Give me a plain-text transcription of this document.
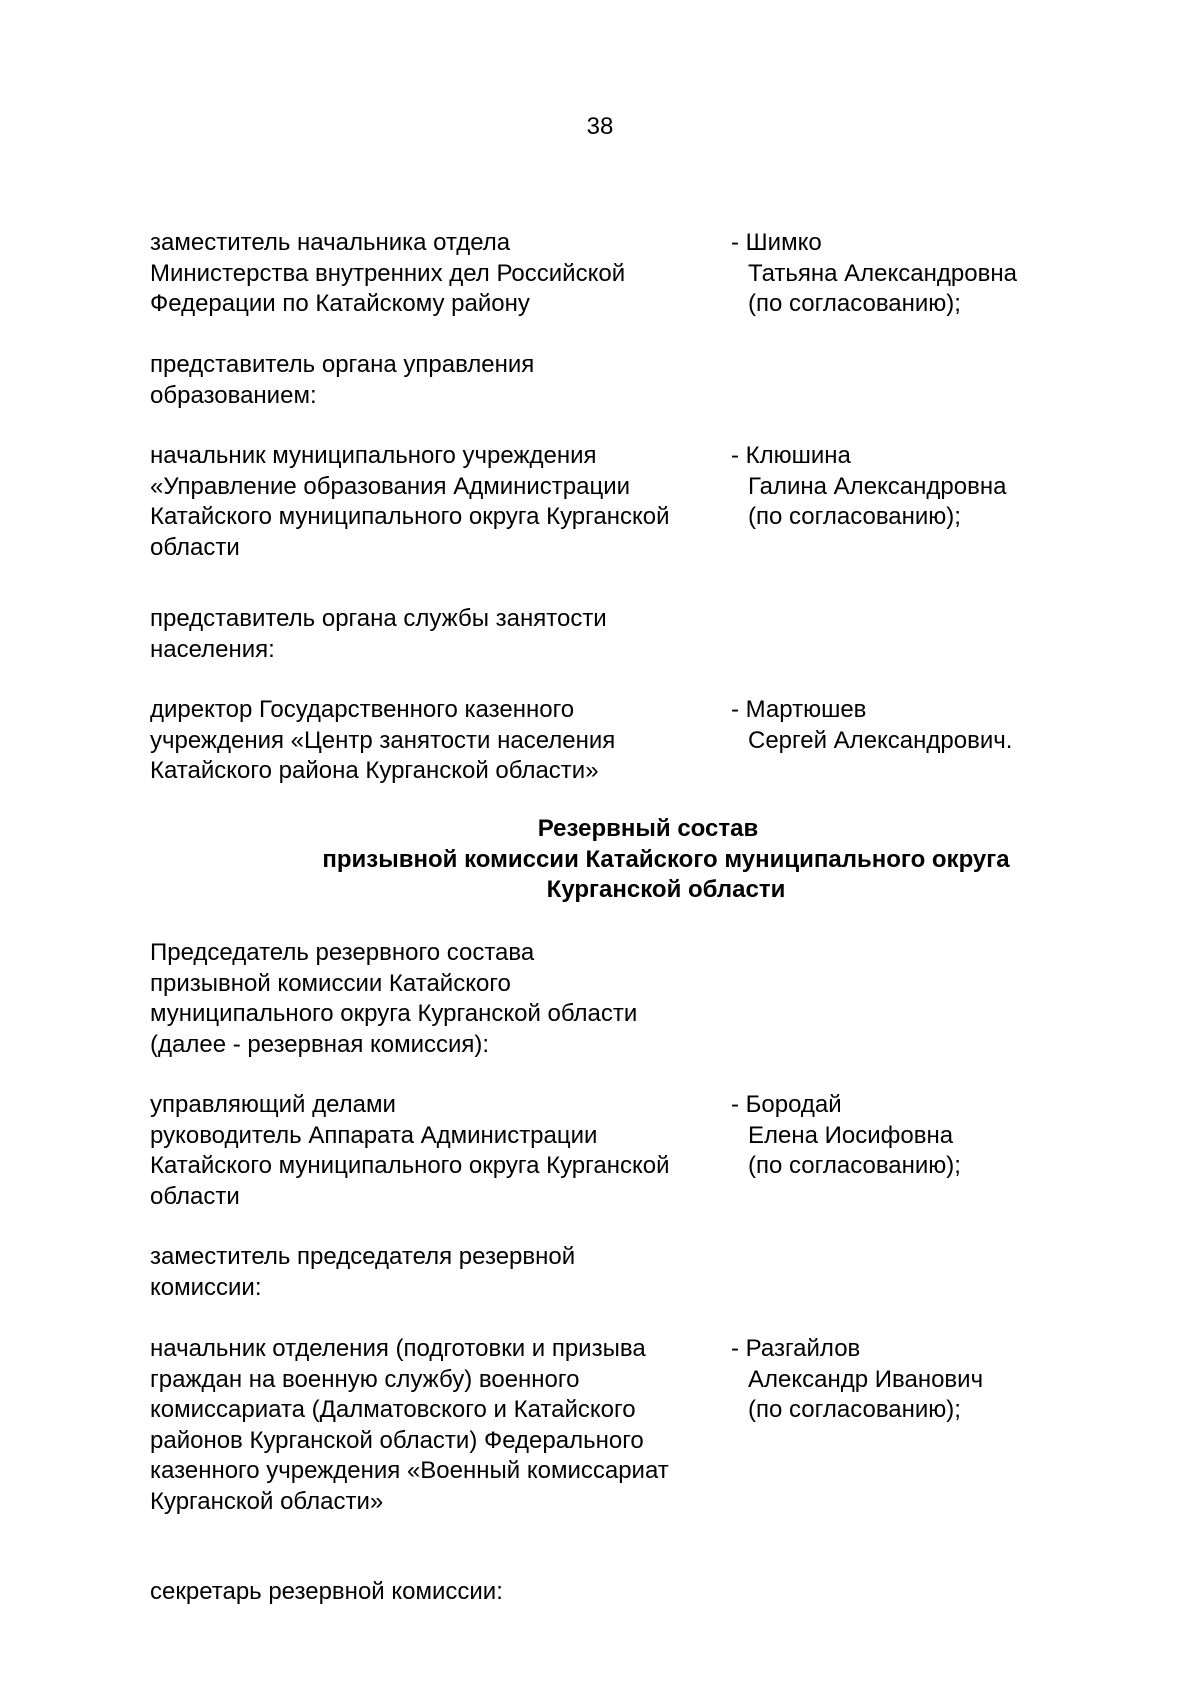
38
заместитель начальника отдела
Министерства внутренних дел Российской
Федерации по Катайскому району
- Шимко
Татьяна Александровна
(по согласованию);
представитель органа управления
образованием:
начальник муниципального учреждения
«Управление образования Администрации
Катайского муниципального округа Курганской
области
- Клюшина
Галина Александровна
(по согласованию);
представитель органа службы занятости
населения:
директор Государственного казенного
учреждения «Центр занятости населения
Катайского района Курганской области»
- Мартюшев
Сергей Александрович.
Резервный состав
призывной комиссии Катайского муниципального округа
Курганской области
Председатель резервного состава
призывной комиссии Катайского
муниципального округа Курганской области
(далее - резервная комиссия):
управляющий делами
руководитель Аппарата Администрации
Катайского муниципального округа Курганской
области
- Бородай
Елена Иосифовна
(по согласованию);
заместитель председателя резервной
комиссии:
начальник отделения (подготовки и призыва
граждан на военную службу) военного
комиссариата (Далматовского и Катайского
районов Курганской области) Федерального
казенного учреждения «Военный комиссариат
Курганской области»
- Разгайлов
Александр Иванович
(по согласованию);
секретарь резервной комиссии:
